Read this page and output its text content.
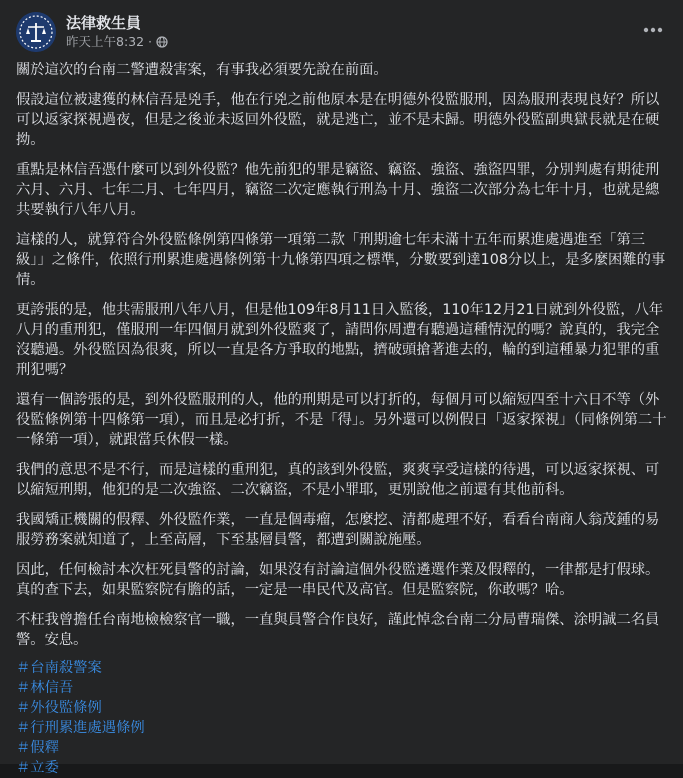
法律救生員
昨天上午8:32 ·

關於這次的台南二警遭殺害案，有事我必須要先說在前面。

假設這位被逮獲的林信吾是兇手，他在行兇之前他原本是在明德外役監服刑，因為服刑表現良好？所以可以返家探視過夜，但是之後並未返回外役監，就是逃亡，並不是未歸。明德外役監副典獄長就是在硬拗。

重點是林信吾憑什麼可以到外役監？他先前犯的罪是竊盜、竊盜、強盜、強盜四罪，分別判處有期徒刑六月、六月、七年二月、七年四月，竊盜二次定應執行刑為十月、強盜二次部分為七年十月，也就是總共要執行八年八月。

這樣的人，就算符合外役監條例第四條第一項第二款「刑期逾七年未滿十五年而累進處遇進至「第三級」」之條件，依照行刑累進處遇條例第十九條第四項之標準，分數要到達108分以上，是多麼困難的事情。

更誇張的是，他共需服刑八年八月，但是他109年8月11日入監後，110年12月21日就到外役監，八年八月的重刑犯，僅服刑一年四個月就到外役監爽了，請問你周遭有聽過這種情況的嗎？說真的，我完全沒聽過。外役監因為很爽，所以一直是各方爭取的地點，擠破頭搶著進去的，輪的到這種暴力犯罪的重刑犯嗎？

還有一個誇張的是，到外役監服刑的人，他的刑期是可以打折的，每個月可以縮短四至十六日不等（外役監條例第十四條第一項），而且是必打折，不是「得」。另外還可以例假日「返家探視」（同條例第二十一條第一項），就跟當兵休假一樣。

我們的意思不是不行，而是這樣的重刑犯，真的該到外役監，爽爽享受這樣的待遇，可以返家探視、可以縮短刑期，他犯的是二次強盜、二次竊盜，不是小罪耶，更別說他之前還有其他前科。

我國矯正機關的假釋、外役監作業，一直是個毒瘤，怎麼挖、清都處理不好，看看台南商人翁茂鍾的易服勞務案就知道了，上至高層，下至基層員警，都遭到關說施壓。

因此，任何檢討本次枉死員警的討論，如果沒有討論這個外役監遴選作業及假釋的，一律都是打假球。真的查下去，如果監察院有膽的話，一定是一串民代及高官。但是監察院，你敢嗎？哈。

不枉我曾擔任台南地檢檢察官一職，一直與員警合作良好，謹此悼念台南二分局曹瑞傑、涂明誠二名員警。安息。

＃台南殺警案
＃林信吾
＃外役監條例
＃行刑累進處遇條例
＃假釋
＃立委
